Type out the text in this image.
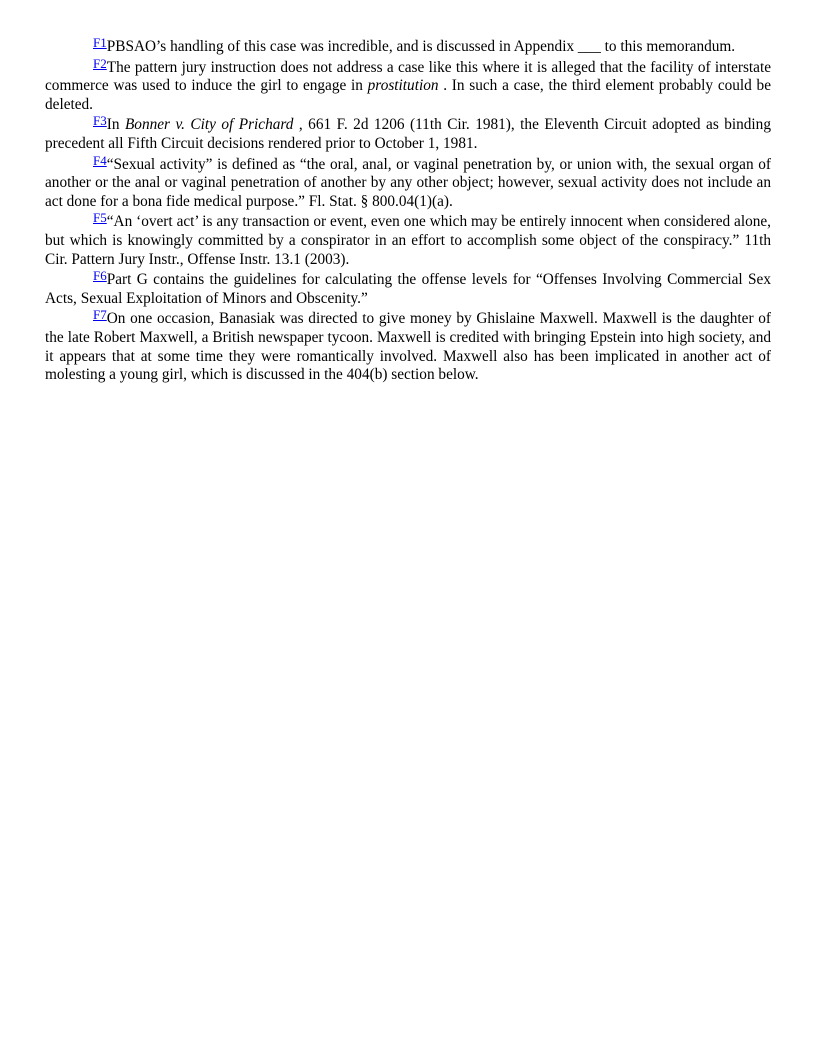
$^{F1}$PBSAO’s handling of this case was incredible, and is discussed in Appendix ___ to this memorandum.

$^{F2}$The pattern jury instruction does not address a case like this where it is alleged that the facility of interstate commerce was used to induce the girl to engage in prostitution . In such a case, the third element probably could be deleted.

$^{F3}$In Bonner v. City of Prichard , 661 F. 2d 1206 (11th Cir. 1981), the Eleventh Circuit adopted as binding precedent all Fifth Circuit decisions rendered prior to October 1, 1981.

$^{F4}$“Sexual activity” is defined as “the oral, anal, or vaginal penetration by, or union with, the sexual organ of another or the anal or vaginal penetration of another by any other object; however, sexual activity does not include an act done for a bona fide medical purpose.” Fl. Stat. § 800.04(1)(a).

$^{F5}$“An ‘overt act’ is any transaction or event, even one which may be entirely innocent when considered alone, but which is knowingly committed by a conspirator in an effort to accomplish some object of the conspiracy.” 11th Cir. Pattern Jury Instr., Offense Instr. 13.1 (2003).

$^{F6}$Part G contains the guidelines for calculating the offense levels for “Offenses Involving Commercial Sex Acts, Sexual Exploitation of Minors and Obscenity.”

$^{F7}$On one occasion, Banasiak was directed to give money by Ghislaine Maxwell. Maxwell is the daughter of the late Robert Maxwell, a British newspaper tycoon. Maxwell is credited with bringing Epstein into high society, and it appears that at some time they were romantically involved. Maxwell also has been implicated in another act of molesting a young girl, which is discussed in the 404(b) section below.
